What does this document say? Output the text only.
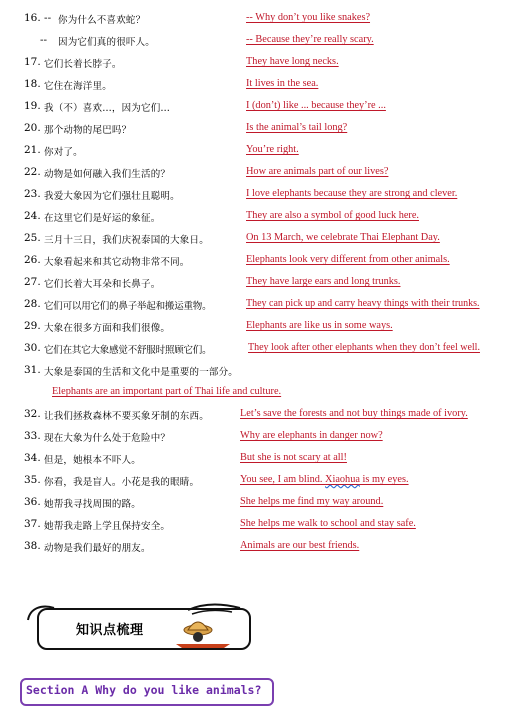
16. -- 你为什么不喜欢蛇？	-- Why don’t you like snakes?
-- 因为它们真的很吓人。	-- Because they’re really scary.
17. 它们长着长脖子。	They have long necks.
18. 它住在海洋里。	It lives in the sea.
19. 我（不）喜欢…，因为它们…	I (don’t) like ... because they’re ...
20. 那个动物的尾巴吗？	Is the animal’s tail long?
21. 你对了。	You’re right.
22. 动物是如何融入我们生活的？	How are animals part of our lives?
23. 我爱大象因为它们强壮且聪明。	I love elephants because they are strong and clever.
24. 在这里它们是好运的象征。	They are also a symbol of good luck here.
25. 三月十三日，我们庆祝泰国的大象日。	On 13 March, we celebrate Thai Elephant Day.
26. 大象看起来和其它动物非常不同。	Elephants look very different from other animals.
27. 它们长着大耳朵和长鼻子。	They have large ears and long trunks.
28. 它们可以用它们的鼻子举起和搬运重物。	They can pick up and carry heavy things with their trunks.
29. 大象在很多方面和我们很像。	Elephants are like us in some ways.
30. 它们在其它大象感觉不舒服时照顾它们。	They look after other elephants when they don’t feel well.
31. 大象是泰国的生活和文化中是重要的一部分。
Elephants are an important part of Thai life and culture.
32. 让我们拯救森林不要买象牙制的东西。	Let’s save the forests and not buy things made of ivory.
33. 现在大象为什么处于危险中？	Why are elephants in danger now?
34. 但是，她根本不吓人。	But she is not scary at all!
35. 你看，我是盲人。小花是我的眼睛。	You see, I am blind. Xiaohua is my eyes.
36. 她帮我寻找周围的路。	She helps me find my way around.
37. 她帮我走路上学且保持安全。	She helps me walk to school and stay safe.
38. 动物是我们最好的朋友。	Animals are our best friends.
知识点梳理
Section A Why do you like animals?
